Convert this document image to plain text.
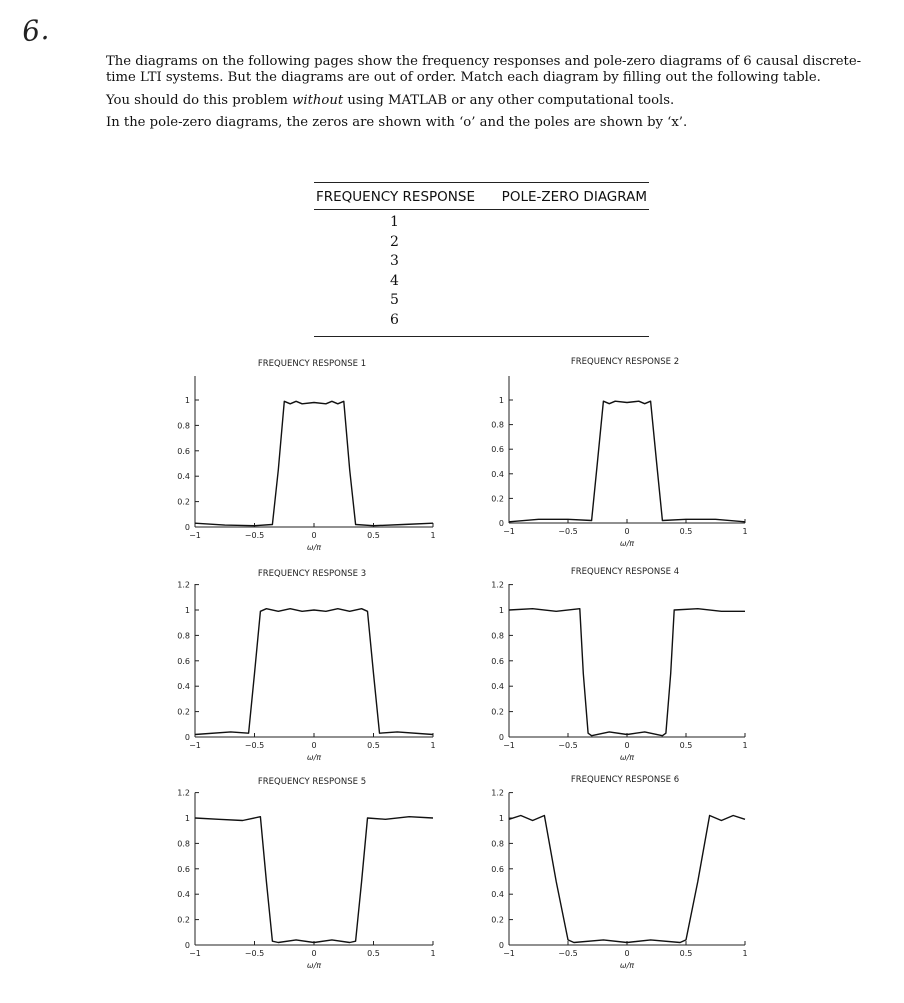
6.

The diagrams on the following pages show the frequency responses and pole-zero diagrams of 6 causal discrete-time LTI systems. But the diagrams are out of order. Match each diagram by filling out the following table.

You should do this problem without using MATLAB or any other computational tools.

In the pole-zero diagrams, the zeros are shown with ‘o’ and the poles are shown by ‘x’.

FREQUENCY RESPONSE POLE-ZERO DIAGRAM
1
2
3
4
5
6
FREQUENCY RESPONSE 1
0
0.2
0.4
0.6
0.8
1
−1	−0.5	0	0.5	1
ω/π
FREQUENCY RESPONSE 2
0
0.2
0.4
0.6
0.8
1
−1	−0.5	0	0.5	1
ω/π
FREQUENCY RESPONSE 3
0
0.2
0.4
0.6
0.8
1
1.2
−1	−0.5	0	0.5	1
ω/π
FREQUENCY RESPONSE 4
0
0.2
0.4
0.6
0.8
1
1.2
−1	−0.5	0	0.5	1
ω/π
FREQUENCY RESPONSE 5
0
0.2
0.4
0.6
0.8
1
1.2
−1	−0.5	0	0.5	1
ω/π
FREQUENCY RESPONSE 6
0
0.2
0.4
0.6
0.8
1
1.2
−1	−0.5	0	0.5	1
ω/π
